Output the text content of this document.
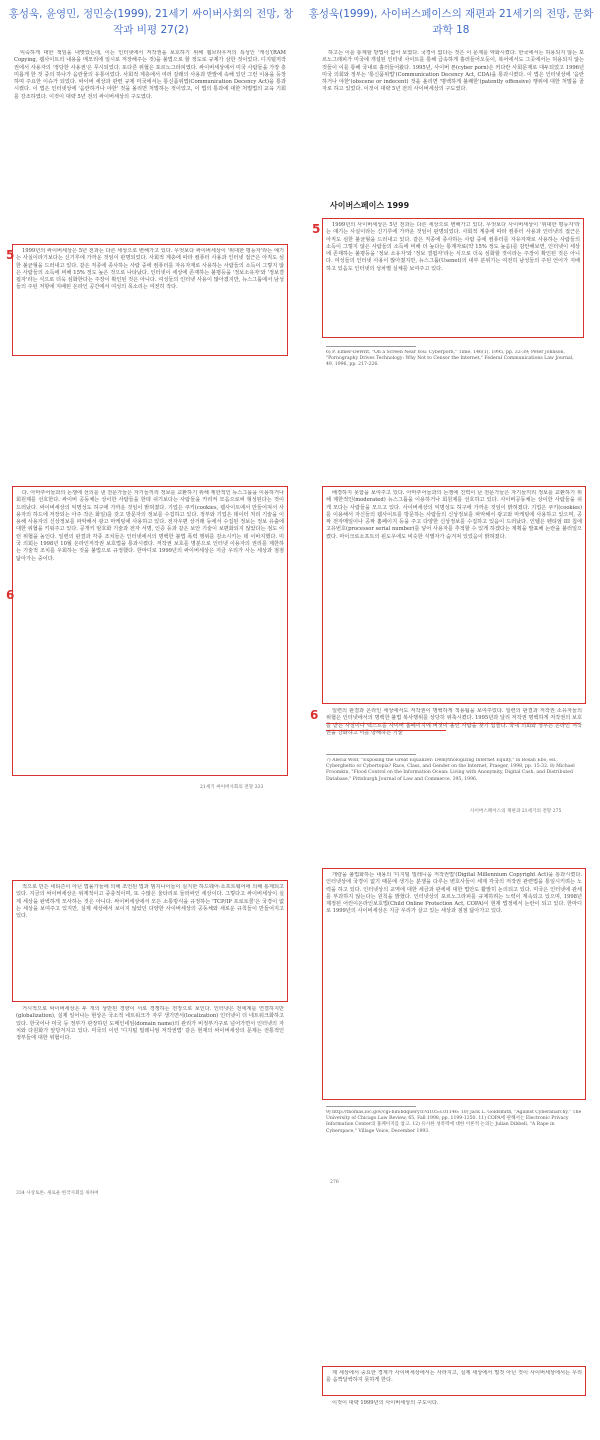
홍성욱, 윤영민, 정민승(1999), 21세기 싸이버사회의 전망, 창작과 비평 27(2)
홍성욱(1999), 사이버스페이스의 재편과 21세기의 전망, 문화과학 18

익숙하게 대한 책임을 내맞았는데, 이는 인터넷에서 저작권을 보호하기 위해 웹브라우저의 특성인 '캐싱'(RAM Copying, 웹사이트의 내용을 메모리에 일시로 저장해주는 것)을 불법으로 할 정도로 규제가 삼한 것이었다. 디지털저작권에서 사용자의 '정당한 사용권'은 무시되었다. 또다른 위협은 포르노그라피였다. 싸이버세상에서 미국 사람들을 가장 흥미롭게 한 것 중의 하나가 음란물의 유통이었다. 사회적 계층에서 여러 갈래의 사용과 반발에 속해 있던 그런 이용을 등장하며 주요한 이슈가 되었다. 싸이버 세상과 관련 규제 미국에서는 통신품위법(Communication Decency Act)을 통과시켰다. 이 법은 인터넷상에 '음란하거나 야한' 것을 올리면 처벌하는 것이었고, 이 법의 통과에 대한 처벌법의 교육 기회를 강조하였다. 이것이 대략 5년 전의 싸이버세상의 구도였다.

5	1999년의 싸이버세상은 5년 전과는 다른 세상으로 변해가고 있다. 무엇보다 싸이버세상이 '위대한 평등자'라는 예기는 사실이라기보다는 신기루에 가까운 것임이 판명되었다. 사회적 계층에 따라 컴퓨터 사용과 인터넷 접근은 아직도 심한 불균형을 드러내고 있다. 같은 직종에 종사하는 사람 중에 컴퓨터를 자유자재로 사용하는 사람들의 소득이 그렇지 않은 사람들의 소득에 비해 15% 정도 높은 것으로 나타났다. 인터넷이 세상에 존재하는 불평등을 '정보소유자'와 '정보결핍자'라는 식으로 더욱 심화한다는 주장이 확인된 것은 아니다. 여성들의 인터넷 사용이 많아졌지만, 뉴스그룹에서 남성들의 주된 저항에 지배된 온라인 공간에서 여성의 목소리는 여전히 작다.

하고는 이를 통제할 방법이 없어 보였다. 국경이 없다는 것은 이 문제를 악화시켰다. 한국에서는 허용되지 않는 포르노그래피가 미국에 개설된 인터넷 사이트를 통해 급속하게 흘러들어오듯이, 복어에서도 그곳에서는 허용되지 않는 것들이 이를 통해 국내로 흘러들어왔다. 1995년, 사이버 폰(cyber porn)은 커다란 사회문제로 대두되었고 1996년 미국 의회와 정부는 '통신품위법'(Communication Decency Act, CDA)을 통과시켰다. 이 법은 인터넷상에 '음란하거나 야한'(obscene or indecent) 것을 올리면 '명백하게 불쾌한'(patently offensive) 행위에 대한 처벌을 골자로 하고 있었다. 이것이 대략 5년 전의 사이버세상의 구도였다.

사이버스페이스 1999
5	1999년의 사이버세상은 5년 전과는 다른 세상으로 변해가고 있다. 무엇보다 사이버세상이 '위대한 평등자'라는 얘기는 사실이라는 신기루에 가까운 것임이 판명되었다. 사회적 계층에 따라 컴퓨터 사용과 인터넷의 접근은 아직도 심한 불균형을 드러내고 있다. 같은 직종에 종사하는 사람 중에 컴퓨터를 자유자재로 사용하는 사람들의 소득이 그렇지 않은 사람들의 소득에 비해 더 높다는 통계자료(약 15% 정도 높음)를 감안해보면, 인터넷이 세상에 존재하는 불평등을 '정보 소유자'와 '정보 결핍자'라는 식으로 더욱 심화할 것이라는 주장이 확인된 것은 아니다. 여성들의 인터넷 사용이 많아졌지만, 뉴스그룹(Usenet)의 내부 분위기는 여전히 남성들의 주된 언어가 지배하고 있음도 인터넷의 성차별 실체를 보여주고 있다.

6) P. Elmer-DeWitt, "On a Screen Near You: Cyberporn," Time, 146(1), 1995, pp. 32-39; Peter Johnson, "Pornography Drives Technology: Why Not to Censor the Internet," Federal Communications Law Journal, 49, 1996, pp. 217-226.
6

다. 아마추어들과의 논쟁에 선의를 낸 전문가들은 자기들끼리 정보를 교환하기 위해 제한적인 뉴스그룹을 이용하거나 회원제를 선호한다. 싸이버 공동체는 상이한 사람들을 한데 쉬기보다는 사람들을 카리켜 모음으로써 형성된다는 것이 드러났다. 싸이버세상의 익명성도 허구에 가까운 것임이 밝혀졌다. 기업은 쿠키(cookies, 웹사이트에서 만들어져서 사용자의 하드에 저장되는 아주 작은 화일)를 갖고 방문자의 정보를 수집하고 있다. 정부와 기업은 데이터 처리 기술을 이용해 사용자의 신상정보를 파악해서 광고 마케팅에 사용하고 있다. 전자우편 상거래 등에서 수집된 정보는 정보 유출에 대한 위협을 키워주고 있다. 공개키 암호화 기술과 전자 서명, 인증 등과 같은 보안 기술이 보편화되지 않았다는 점도 이런 위협을 높인다. 일련의 판결과 각종 조치들은 인터넷에서의 명백한 불법 폭력 행위를 감소시키는 데 이바지했다. 미국 의회는 1998년 10월 온라인저작권 보호법을 통과시켰다. 저작권 보호를 명분으로 인터넷 이용자의 권리를 제한하는 기술적 조치를 우회하는 것을 불법으로 규정했다. 한마디로 1999년의 싸이버세상은 지금 우리가 사는 세상과 점점 닮아가는 중이다.

21세기 싸이버사회의 전망 333

배경하지 못함을 보여주고 있다. 아마추어들과의 논쟁에 진력이 난 전문가들은 자기들끼리 정보를 교환하기 위해 제한적인(moderated) 뉴스그룹을 이용하거나 회원제를 선호하고 있다. 사이버공동체는 상이한 사람들을 쉬게 모다는 사람들을 모으고 있다. 사이버세상의 익명성도 허구에 가까운 것임이 밝혀졌다. 기업은 쿠키(cookies)를 이용해서 자신들의 웹사이트를 방문하는 사람들의 신상정보를 파악해서 광고와 마케팅에 사용하고 있으며, 공짜 전자메일이나 공짜 홈페이지 등을 주고 다양한 신상정보를 수집하고 있음이 드러났다. 인텔은 펜티엄 III 칩에 고유번호(processor serial number)를 넣어 사용자를 추적할 수 있게 하겠다는 계획을 발표해 논란을 불러일으켰다. 마이크로소프트의 윈도우에도 비슷한 식별자가 숨겨져 있었음이 밝혀졌다.

6	일련의 판결과 온라인 세상에서도 저작권이 명백하게 적용됨을 보여주었다. 일련의 판결과 저작권 소유자들의 위협은 인터넷에서의 명백한 불법 복사행위를 상당히 위축시켰다. 1995년과 달리 저작권 명백하게 저작권의 보호를 받는 사실이나 텍스트를 사이버 홈페이지에 버젓이 올린 사람을 찾기 힘들다. 국내 의회와 정부는 온라인 저작권을 강화하고 이를 방해하는 기술

7) Alecia Wolf, "Exposing the Great Equalizer: Demythologizing Internet Equity," in Bosah Ebo, ed., Cyberghetto or Cybertopia? Race, Class, and Gender on the Internet, Praeger, 1998, pp. 15-32. 8) Michael Froomkin, "Flood Control on the Information Ocean: Living with Anonymity, Digital Cash, and Distributed Database," Pittsburgh Journal of Law and Commerce, 395, 1996.
사이버스페이스의 재편과 21세기의 전망 275

적으로 만든 네티즌이 아닌 법률가들에 의해 조언된 법과 범지나이들이 실지한 하드웨어·소프트웨어에 의해 통제되고 있다. 지금의 싸이버세상은 위계적이고 중층적이며, 또 수많은 울타리로 둘러싸인 세상이다. 그렇다고 싸이버세상이 실제 세상을 완벽하게 모사하는 것은 아니다. 싸이버세상에서 모든 소통방식을 규정하는 'TCP/IP 프로토콜'은 국경이 없는 세상을 보여주고 있지만, 실제 세상에서 보이지 않았던 다양한 사이버세상의 공동체와 새로운 규칙들이 만들어지고 있다.

거시적으로 싸이버세상은 두 개의 상반된 경향이 서로 경쟁하는 전장으로 보인다. 인터넷은 전세계를 연결하지만(globalization), 실제 일어나는 현상은 국소적 네트워크가 자꾸 생기면서(localization) 인터넷이 더 네트워크화하고 있다. 한국어나 미국 등 정부가 관장하던 도메인네임(domain name)의 관리가 비정부기구로 넘어가면서 인터넷의 자치와 다원화가 앞당겨지고 있다. 미국의 이런 '디지털 밀레니엄 저작권법' 같은 현재의 싸이버세상의 문제는 전통적인 정부들에 대한 위협이다.

334 사상토론: 새로운 한국사회를 위하여

개량을 불법화하는 내용의 '디지털 밀레니움 저작권법'(Digital Millennium Copyright Act)을 통과시켰다. 인터넷상에 국경이 없기 때문에 생기는 분쟁을 다루는 변호사들이 세계 각국의 저작권 관련법을 통일시키려는 노력을 하고 있다. 인터넷상의 교역에 대한 세금과 관세에 대한 법안도 활발히 논의되고 있다. 미국은 인터넷에 관세를 부과하지 않는다는 원칙을 밝혔다. 인터넷상의 포르노그라피를 규제하려는 노력이 계속되고 있으며, 1998년 제정된 어린이온라인보호법(Child Online Protection Act, COPA)이 현재 법정에서 논란이 되고 있다. 한마디로 1999년의 사이버세상은 지금 우리가 살고 있는 세상과 점점 닮아가고 있다.

9) http://thomas.loc.gov/cgi-bin/bdquery/z?d105:s.01146: 10) Jack L. Goldsmith, "Against Cyberanarchy," The University of Chicago Law Review, 65, Fall 1998, pp. 1199-1250. 11) COPA에 관해서는 Electronic Privacy Information Center의 홈페이지를 참고. 12) 유사한 성폭력에 대한 이론적 논의는 Julian Dibbell, "A Rape in Cyberspace," Village Voice, December 1993.
276

제 세상에서 중요한 경계가 사이버세상에서는 사라지고, 실제 세상에서 벌것 아닌 것이 사이버세상에서는 우리를 옴짝달싹하지 못하게 한다.

이것이 대략 1999년의 사이버세상의 구도이다.
